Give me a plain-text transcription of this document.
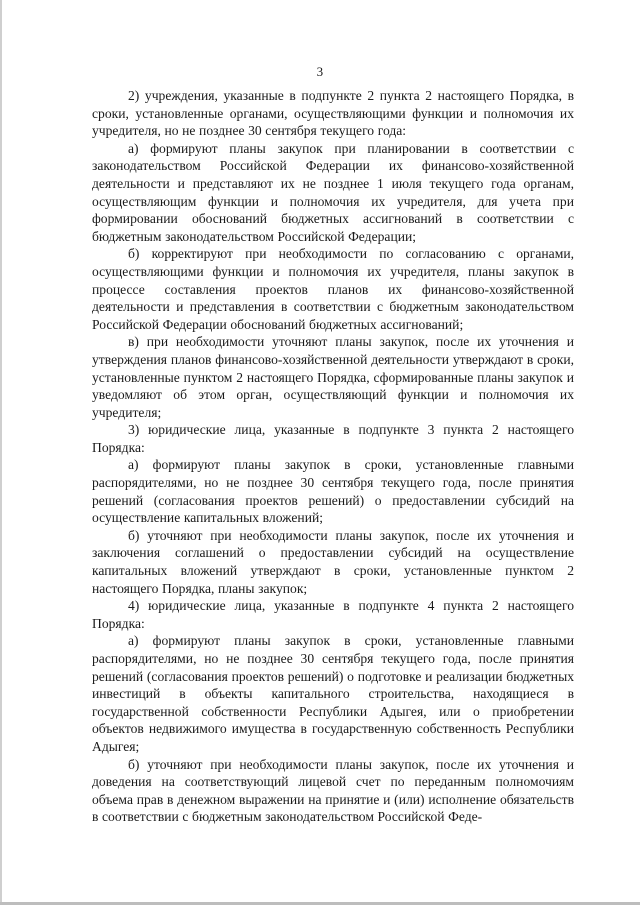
3

2) учреждения, указанные в подпункте 2 пункта 2 настоящего Порядка, в сроки, установленные органами, осуществляющими функции и полномочия их учредителя, но не позднее 30 сентября текущего года:

а) формируют планы закупок при планировании в соответствии с законодательством Российской Федерации их финансово-хозяйственной деятельности и представляют их не позднее 1 июля текущего года органам, осуществляющим функции и полномочия их учредителя, для учета при формировании обоснований бюджетных ассигнований в соответствии с бюджетным законодательством Российской Федерации;

б) корректируют при необходимости по согласованию с органами, осуществляющими функции и полномочия их учредителя, планы закупок в процессе составления проектов планов их финансово-хозяйственной деятельности и представления в соответствии с бюджетным законодательством Российской Федерации обоснований бюджетных ассигнований;

в) при необходимости уточняют планы закупок, после их уточнения и утверждения планов финансово-хозяйственной деятельности утверждают в сроки, установленные пунктом 2 настоящего Порядка, сформированные планы закупок и уведомляют об этом орган, осуществляющий функции и полномочия их учредителя;

3) юридические лица, указанные в подпункте 3 пункта 2 настоящего Порядка:

а) формируют планы закупок в сроки, установленные главными распорядителями, но не позднее 30 сентября текущего года, после принятия решений (согласования проектов решений) о предоставлении субсидий на осуществление капитальных вложений;

б) уточняют при необходимости планы закупок, после их уточнения и заключения соглашений о предоставлении субсидий на осуществление капитальных вложений утверждают в сроки, установленные пунктом 2 настоящего Порядка, планы закупок;

4) юридические лица, указанные в подпункте 4 пункта 2 настоящего Порядка:

а) формируют планы закупок в сроки, установленные главными распорядителями, но не позднее 30 сентября текущего года, после принятия решений (согласования проектов решений) о подготовке и реализации бюджетных инвестиций в объекты капитального строительства, находящиеся в государственной собственности Республики Адыгея, или о приобретении объектов недвижимого имущества в государственную собственность Республики Адыгея;

б) уточняют при необходимости планы закупок, после их уточнения и доведения на соответствующий лицевой счет по переданным полномочиям объема прав в денежном выражении на принятие и (или) исполнение обязательств в соответствии с бюджетным законодательством Российской Феде-
